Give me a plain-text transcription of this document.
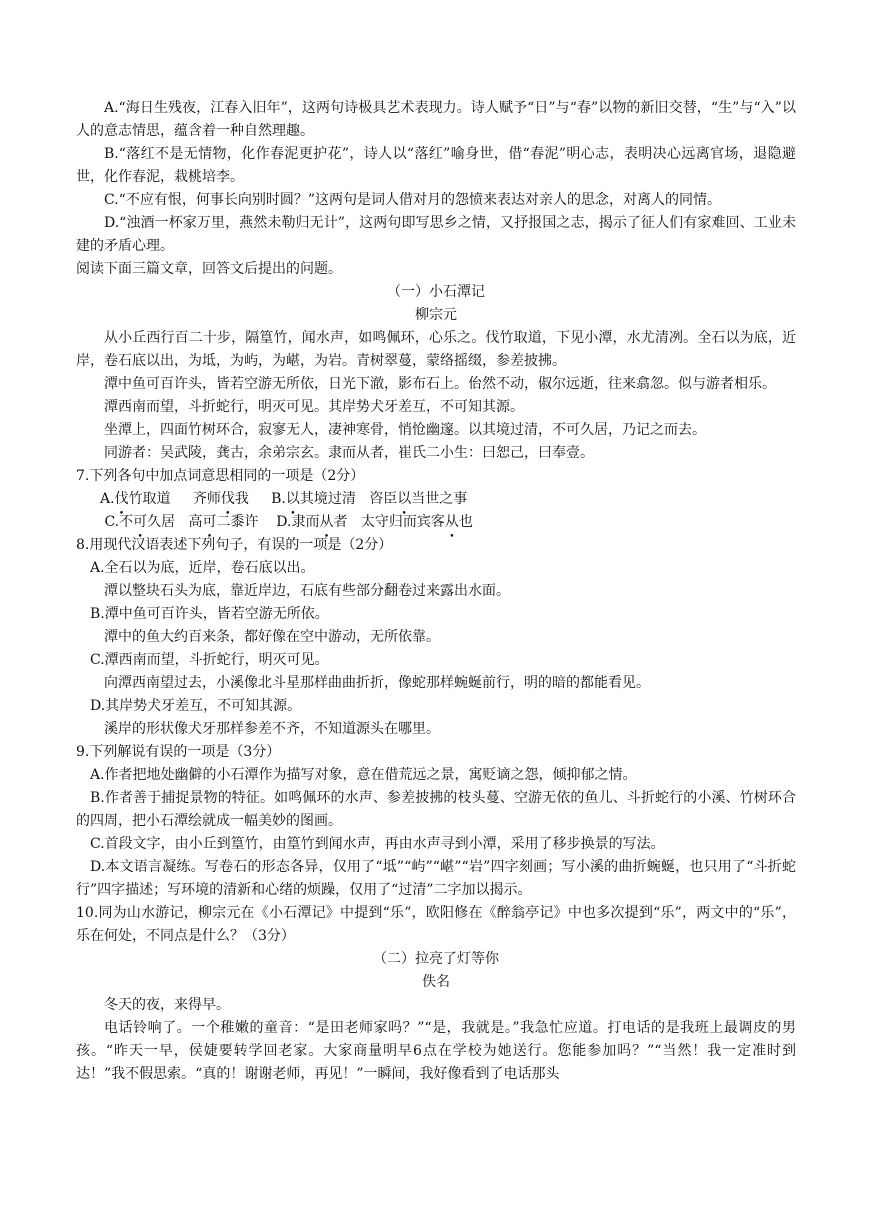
A.“海日生残夜，江春入旧年”，这两句诗极具艺术表现力。诗人赋予“日”与“春”以物的新旧交替，“生”与“入”以人的意志情思，蕴含着一种自然理趣。

B.“落红不是无情物，化作春泥更护花”，诗人以“落红”喻身世，借“春泥”明心志，表明决心远离官场，退隐避世，化作春泥，栽桃培李。

C.“不应有恨，何事长向别时圆？”这两句是词人借对月的怨愤来表达对亲人的思念，对离人的同情。

D.“浊酒一杯家万里，燕然未勒归无计”，这两句即写思乡之情，又抒报国之志，揭示了征人们有家难回、工业未建的矛盾心理。

阅读下面三篇文章，回答文后提出的问题。

（一）小石潭记

柳宗元

从小丘西行百二十步，隔篁竹，闻水声，如鸣佩环，心乐之。伐竹取道，下见小潭，水尤清冽。全石以为底，近岸，卷石底以出，为坻，为屿，为嵁，为岩。青树翠蔓，蒙络摇缀，参差披拂。

潭中鱼可百许头，皆若空游无所依，日光下澈，影布石上。佁然不动，俶尔远逝，往来翕忽。似与游者相乐。

潭西南而望，斗折蛇行，明灭可见。其岸势犬牙差互，不可知其源。

坐潭上，四面竹树环合，寂寥无人，凄神寒骨，悄怆幽邃。以其境过清，不可久居，乃记之而去。

同游者：吴武陵，龚古，余弟宗玄。隶而从者，崔氏二小生：曰恕己，曰奉壹。

7.下列各句中加点词意思相同的一项是（2分）

A.伐竹取道 齐师伐我 B.以其境过清 咨臣以当世之事

C.不可久居 高可二黍许 D.隶而从者 太守归而宾客从也

8.用现代汉语表述下列句子，有误的一项是（2分）

A.全石以为底，近岸，卷石底以出。

潭以整块石头为底，靠近岸边，石底有些部分翻卷过来露出水面。

B.潭中鱼可百许头，皆若空游无所依。

潭中的鱼大约百来条，都好像在空中游动，无所依靠。

C.潭西南而望，斗折蛇行，明灭可见。

向潭西南望过去，小溪像北斗星那样曲曲折折，像蛇那样蜿蜒前行，明的暗的都能看见。

D.其岸势犬牙差互，不可知其源。

溪岸的形状像犬牙那样参差不齐，不知道源头在哪里。

9.下列解说有误的一项是（3分）

A.作者把地处幽僻的小石潭作为描写对象，意在借荒远之景，寓贬谪之怨，倾抑郁之情。

B.作者善于捕捉景物的特征。如鸣佩环的水声、参差披拂的枝头蔓、空游无依的鱼儿、斗折蛇行的小溪、竹树环合的四周，把小石潭绘就成一幅美妙的图画。

C.首段文字，由小丘到篁竹，由篁竹到闻水声，再由水声寻到小潭，采用了移步换景的写法。

D.本文语言凝练。写卷石的形态各异，仅用了“坻”“屿”“嵁”“岩”四字刻画；写小溪的曲折蜿蜒，也只用了“斗折蛇行”四字描述；写环境的清新和心绪的烦躁，仅用了“过清”二字加以揭示。

10.同为山水游记，柳宗元在《小石潭记》中提到“乐”，欧阳修在《醉翁亭记》中也多次提到“乐”，两文中的“乐”，乐在何处，不同点是什么？（3分）

（二）拉亮了灯等你

佚名

冬天的夜，来得早。

电话铃响了。一个稚嫩的童音：“是田老师家吗？”“是，我就是。”我急忙应道。打电话的是我班上最调皮的男孩。“昨天一早，侯婕要转学回老家。大家商量明早6点在学校为她送行。您能参加吗？”“当然！我一定准时到达！”我不假思索。“真的！谢谢老师，再见！”一瞬间，我好像看到了电话那头
